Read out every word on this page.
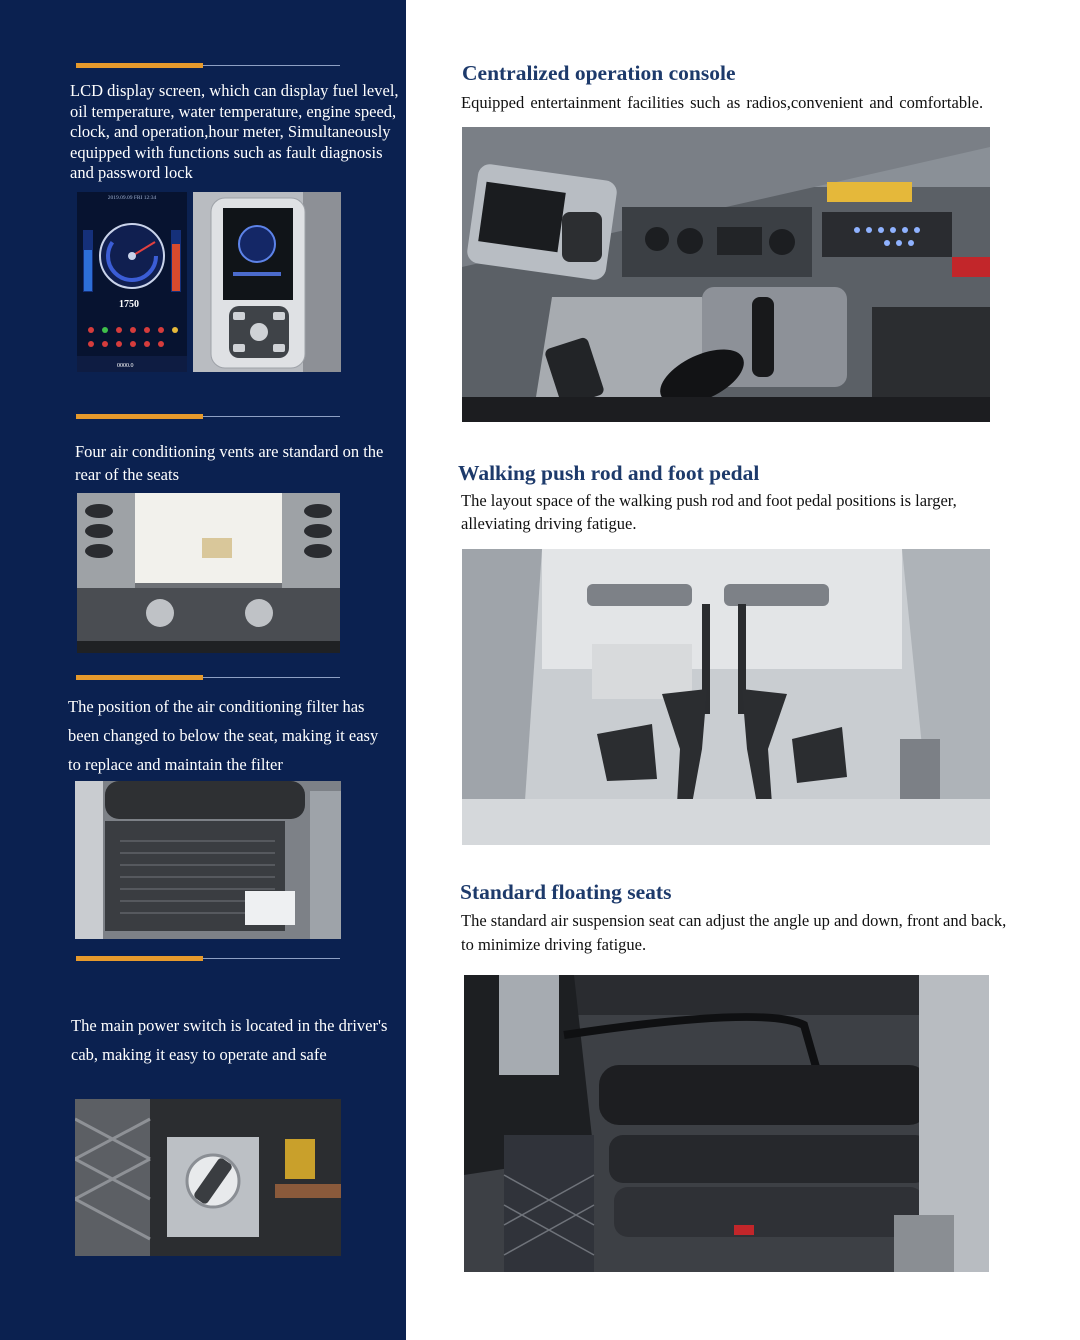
LCD display screen, which can display fuel level, oil temperature, water temperature, engine speed, clock, and operation,hour meter, Simultaneously equipped with functions such as fault diagnosis and password lock

2019.09.09 FRI 12:34
1750
0000.0

Four air conditioning vents are standard on the rear of the seats

The position of the air conditioning filter has been changed to below the seat, making it easy to replace and maintain the filter

The main power switch is located in the driver's cab, making it easy to operate and safe

Centralized operation console

Equipped entertainment facilities such as radios,convenient and comfortable.

Walking push rod and foot pedal

The layout space of the walking push rod and foot pedal positions is larger, alleviating driving fatigue.

Standard floating seats

The standard air suspension seat can adjust the angle up and down, front and back, to minimize driving fatigue.
